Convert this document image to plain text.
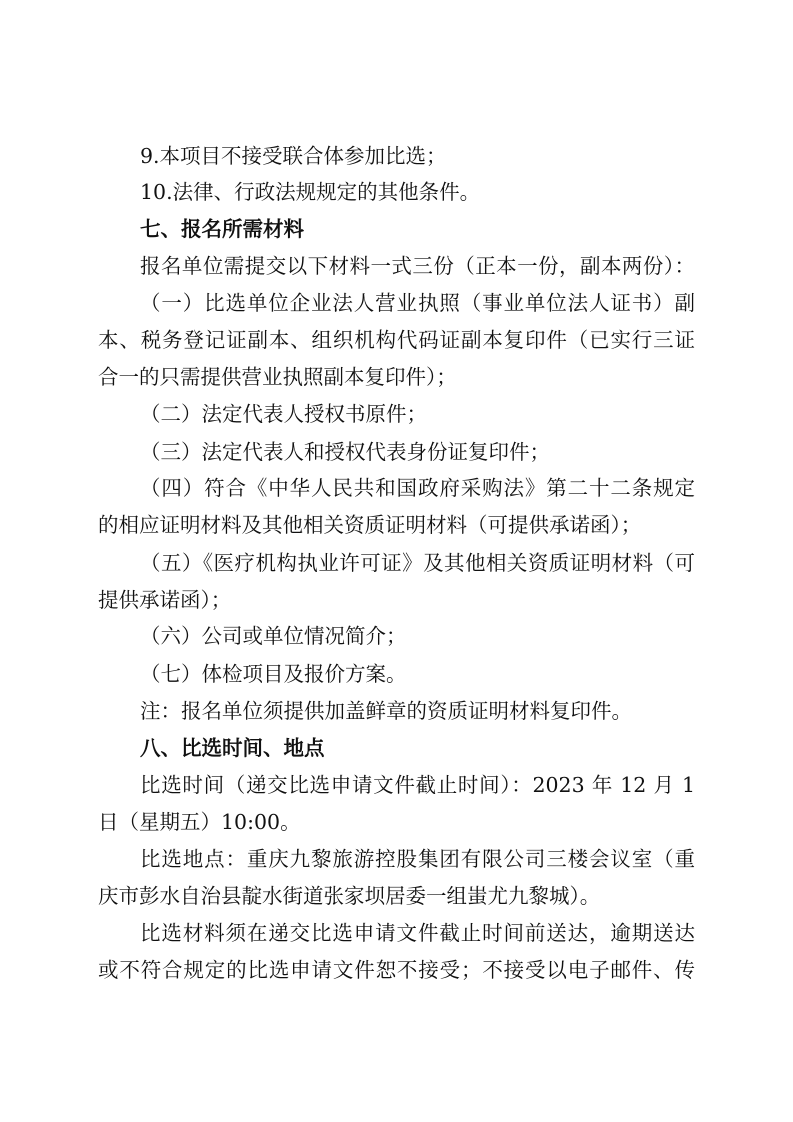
9.本项目不接受联合体参加比选；
10.法律、行政法规规定的其他条件。
七、报名所需材料
报名单位需提交以下材料一式三份（正本一份，副本两份）：
（一）比选单位企业法人营业执照（事业单位法人证书）副
本、税务登记证副本、组织机构代码证副本复印件（已实行三证
合一的只需提供营业执照副本复印件）；
（二）法定代表人授权书原件；
（三）法定代表人和授权代表身份证复印件；
（四）符合《中华人民共和国政府采购法》第二十二条规定
的相应证明材料及其他相关资质证明材料（可提供承诺函）；
（五）《医疗机构执业许可证》及其他相关资质证明材料（可
提供承诺函）；
（六）公司或单位情况简介；
（七）体检项目及报价方案。
注：报名单位须提供加盖鲜章的资质证明材料复印件。
八、比选时间、地点
比选时间（递交比选申请文件截止时间）：2023 年 12 月 1
日（星期五）10:00。
比选地点：重庆九黎旅游控股集团有限公司三楼会议室（重
庆市彭水自治县靛水街道张家坝居委一组蚩尤九黎城）。
比选材料须在递交比选申请文件截止时间前送达，逾期送达
或不符合规定的比选申请文件恕不接受；不接受以电子邮件、传
